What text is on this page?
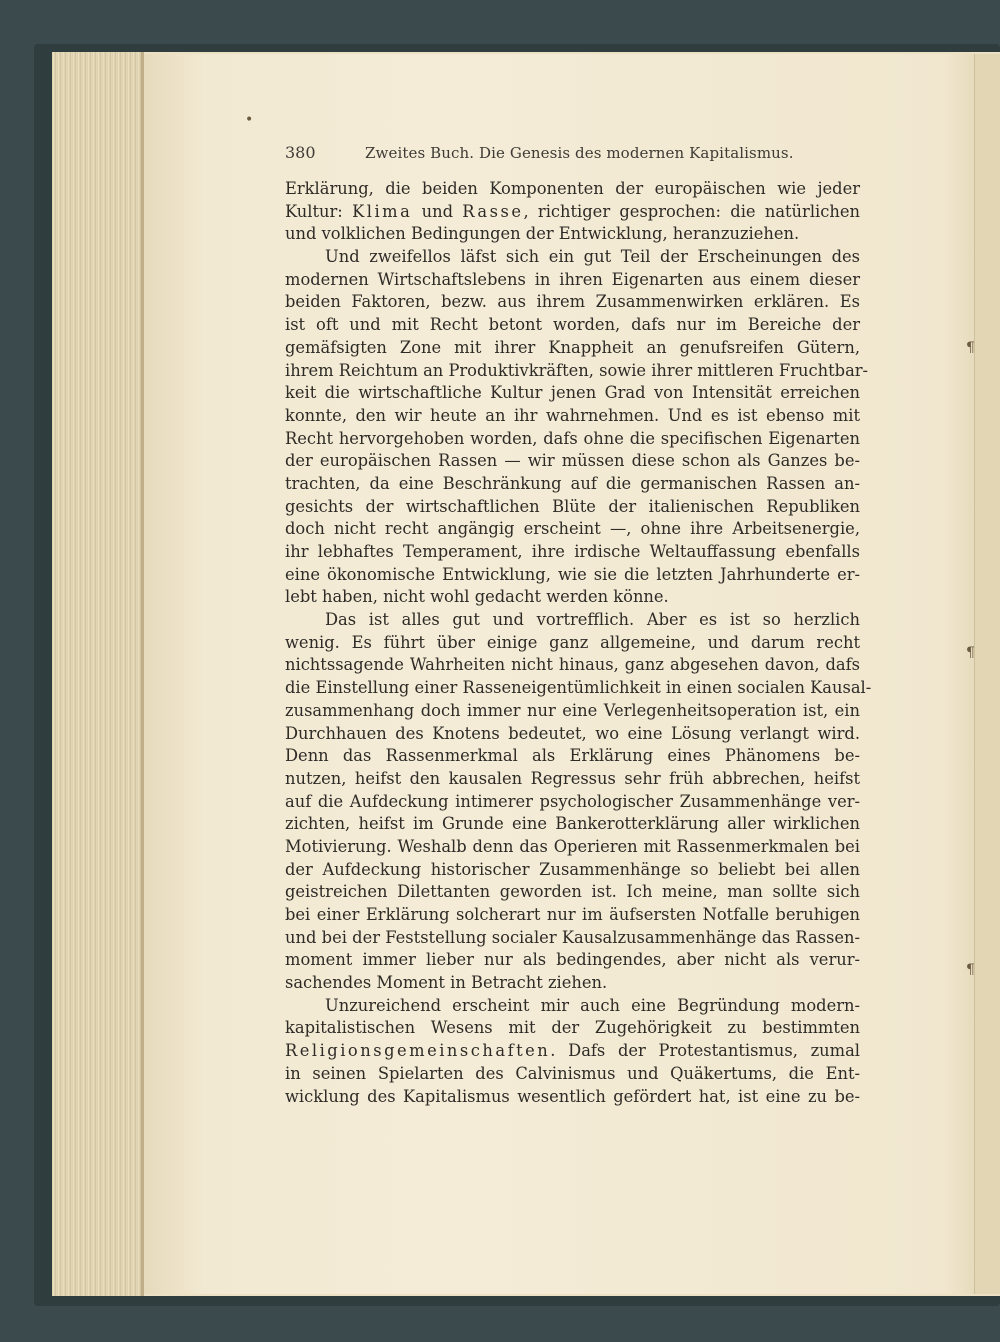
•
¶
¶
¶
380	Zweites Buch. Die Genesis des modernen Kapitalismus.
Erklärung, die beiden Komponenten der europäischen wie jeder
Kultur: Klima und Rasse, richtiger gesprochen: die natürlichen
und volklichen Bedingungen der Entwicklung, heranzuziehen.
Und zweifellos läfst sich ein gut Teil der Erscheinungen des
modernen Wirtschaftslebens in ihren Eigenarten aus einem dieser
beiden Faktoren, bezw. aus ihrem Zusammenwirken erklären. Es
ist oft und mit Recht betont worden, dafs nur im Bereiche der
gemäfsigten Zone mit ihrer Knappheit an genufsreifen Gütern,
ihrem Reichtum an Produktivkräften, sowie ihrer mittleren Fruchtbar-
keit die wirtschaftliche Kultur jenen Grad von Intensität erreichen
konnte, den wir heute an ihr wahrnehmen. Und es ist ebenso mit
Recht hervorgehoben worden, dafs ohne die specifischen Eigenarten
der europäischen Rassen — wir müssen diese schon als Ganzes be-
trachten, da eine Beschränkung auf die germanischen Rassen an-
gesichts der wirtschaftlichen Blüte der italienischen Republiken
doch nicht recht angängig erscheint —, ohne ihre Arbeitsenergie,
ihr lebhaftes Temperament, ihre irdische Weltauffassung ebenfalls
eine ökonomische Entwicklung, wie sie die letzten Jahrhunderte er-
lebt haben, nicht wohl gedacht werden könne.
Das ist alles gut und vortrefflich. Aber es ist so herzlich
wenig. Es führt über einige ganz allgemeine, und darum recht
nichtssagende Wahrheiten nicht hinaus, ganz abgesehen davon, dafs
die Einstellung einer Rasseneigentümlichkeit in einen socialen Kausal-
zusammenhang doch immer nur eine Verlegenheitsoperation ist, ein
Durchhauen des Knotens bedeutet, wo eine Lösung verlangt wird.
Denn das Rassenmerkmal als Erklärung eines Phänomens be-
nutzen, heifst den kausalen Regressus sehr früh abbrechen, heifst
auf die Aufdeckung intimerer psychologischer Zusammenhänge ver-
zichten, heifst im Grunde eine Bankerotterklärung aller wirklichen
Motivierung. Weshalb denn das Operieren mit Rassenmerkmalen bei
der Aufdeckung historischer Zusammenhänge so beliebt bei allen
geistreichen Dilettanten geworden ist. Ich meine, man sollte sich
bei einer Erklärung solcherart nur im äufsersten Notfalle beruhigen
und bei der Feststellung socialer Kausalzusammenhänge das Rassen-
moment immer lieber nur als bedingendes, aber nicht als verur-
sachendes Moment in Betracht ziehen.
Unzureichend erscheint mir auch eine Begründung modern-
kapitalistischen Wesens mit der Zugehörigkeit zu bestimmten
Religionsgemeinschaften. Dafs der Protestantismus, zumal
in seinen Spielarten des Calvinismus und Quäkertums, die Ent-
wicklung des Kapitalismus wesentlich gefördert hat, ist eine zu be-
